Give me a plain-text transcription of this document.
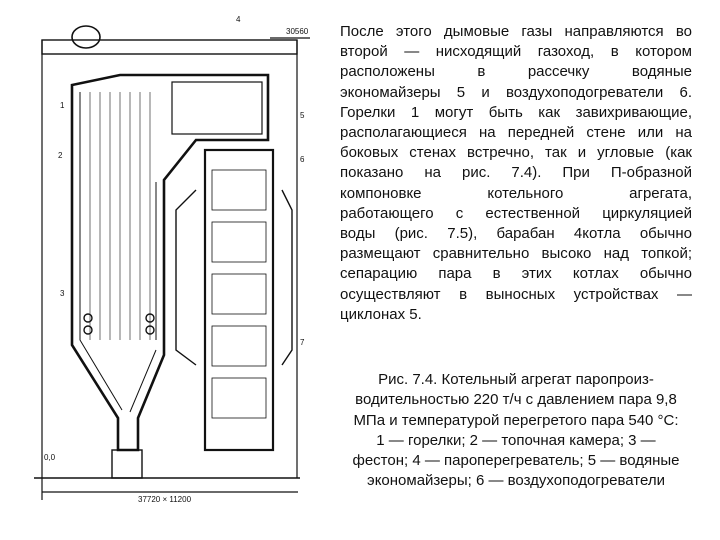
30560
0,0
37720 × 11200
1
2
3
4
5
6
7
После этого дымовые газы направляются во
второй — нисходящий газоход, в котором
расположены в рассечку водяные
экономайзеры 5 и воздухоподогреватели 6.
Горелки 1 могут быть как завихривающие,
располагающиеся на передней стене или на
боковых стенах встречно, так и угловые (как
показано на рис. 7.4). При П-образной
компоновке котельного агрегата,
работающего с естественной циркуляцией
воды (рис. 7.5), барабан 4котла обычно
размещают сравнительно высоко над топкой;
сепарацию пара в этих котлах обычно
осуществляют в выносных устройствах —
циклонах 5.
Рис. 7.4. Котельный агрегат паропроиз-
водительностью 220 т/ч с давлением пара 9,8
МПа и температурой перегретого пара 540 °С:
1 — горелки; 2 — топочная камера; 3 —
фестон; 4 — пароперегреватель; 5 — водяные
экономайзеры; 6 — воздухоподогреватели
